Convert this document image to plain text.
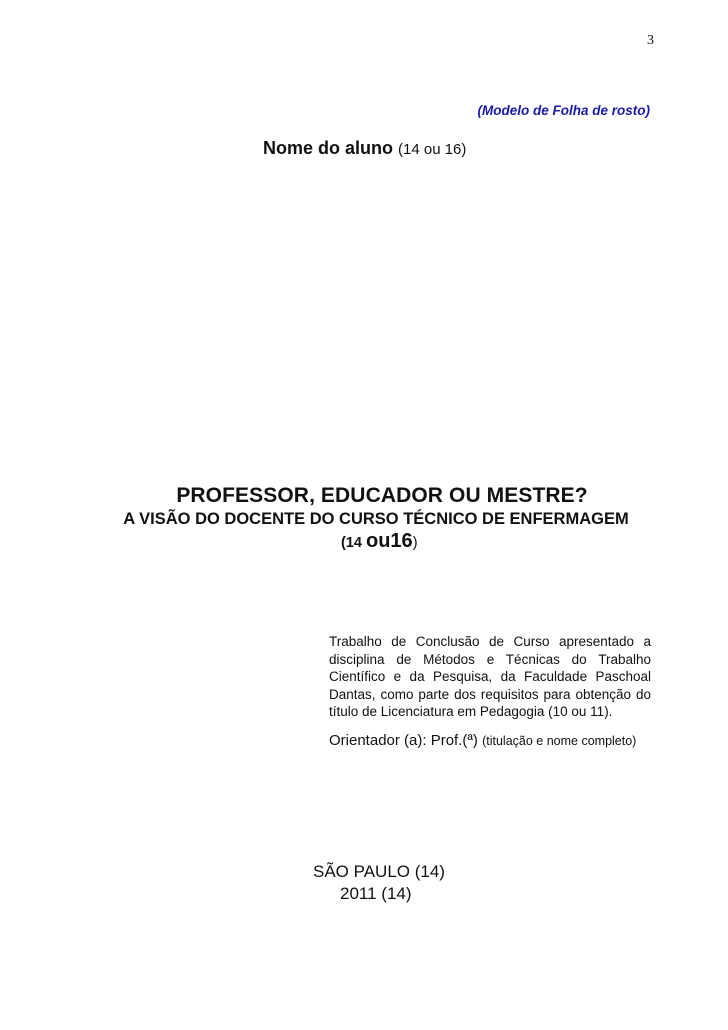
3
(Modelo de Folha de rosto)
Nome do aluno (14 ou 16)
PROFESSOR, EDUCADOR OU MESTRE?
A VISÃO DO DOCENTE DO CURSO TÉCNICO DE ENFERMAGEM
(14 ou16)
Trabalho de Conclusão de Curso apresentado a
disciplina de Métodos e Técnicas do Trabalho
Científico e da Pesquisa, da Faculdade Paschoal
Dantas, como parte dos requisitos para obtenção do
título de Licenciatura em Pedagogia (10 ou 11).
Orientador (a): Prof.(ª) (titulação e nome completo)
SÃO PAULO (14)
2011 (14)
